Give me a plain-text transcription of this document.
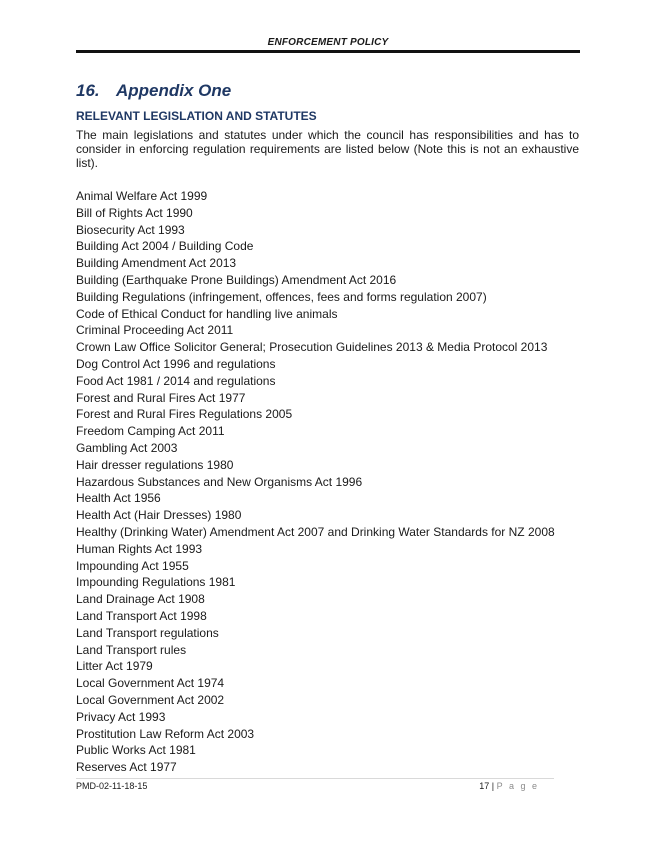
ENFORCEMENT POLICY
16. Appendix One
RELEVANT LEGISLATION AND STATUTES

The main legislations and statutes under which the council has responsibilities and has to consider in enforcing regulation requirements are listed below (Note this is not an exhaustive list).

Animal Welfare Act 1999
Bill of Rights Act 1990
Biosecurity Act 1993
Building Act 2004 / Building Code
Building Amendment Act 2013
Building (Earthquake Prone Buildings) Amendment Act 2016
Building Regulations (infringement, offences, fees and forms regulation 2007)
Code of Ethical Conduct for handling live animals
Criminal Proceeding Act 2011
Crown Law Office Solicitor General; Prosecution Guidelines 2013 & Media Protocol 2013
Dog Control Act 1996 and regulations
Food Act 1981 / 2014 and regulations
Forest and Rural Fires Act 1977
Forest and Rural Fires Regulations 2005
Freedom Camping Act 2011
Gambling Act 2003
Hair dresser regulations 1980
Hazardous Substances and New Organisms Act 1996
Health Act 1956
Health Act (Hair Dresses) 1980
Healthy (Drinking Water) Amendment Act 2007 and Drinking Water Standards for NZ 2008
Human Rights Act 1993
Impounding Act 1955
Impounding Regulations 1981
Land Drainage Act 1908
Land Transport Act 1998
Land Transport regulations
Land Transport rules
Litter Act 1979
Local Government Act 1974
Local Government Act 2002
Privacy Act 1993
Prostitution Law Reform Act 2003
Public Works Act 1981
Reserves Act 1977
PMD-02-11-18-15	17 | P a g e
